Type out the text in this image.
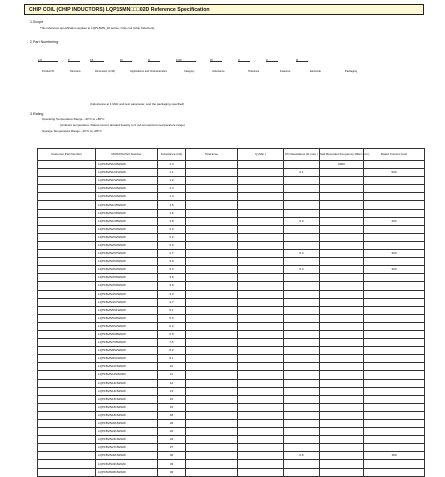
CHIP COIL (CHIP INDUCTORS) LQP15MN□□□02D Reference Specification
1.Scope
This reference specification applies to LQP15MN_02 series, Chip coil (Chip Inductors).
2.Part Numbering
LQ	P	15	M	N	1N0	W	0	2	D
Product ID	Structure	Dimension (L×W)	Applications and Characteristics	Category	Inductance	Tolerance	Features	Electrode	Packaging
(Inductance at 1 MHz and test parameter, and the packaging specified)
3.Rating
Operating Temperature Range. -40°C to +85°C
(Ambient temperature; Rated current derated linearly to 0 mA at maximum temperature range)
Storage Temperature Range. -40°C to +85°C
Customer Part Number	MURATA Part Number	Inductance (nH)	Tolerance	Q (Min.)	DC Resistance (Ω max.)	Self Resonant Frequency (MHz min.)	Rated Current (mA)
	LQP15MN1N0W02D	1.0				6000	
	LQP15MN1N1W02D	1.1			0.1		500
	LQP15MN1N2W02D	1.2					
	LQP15MN1N3W02D	1.3					
	LQP15MN1N4W02D	1.4					
	LQP15MN1N5W02D	1.5					
	LQP15MN1N6W02D	1.6					
	LQP15MN1N8W02D	1.8			0.2		400
	LQP15MN2N0W02D	2.0					
	LQP15MN2N2W02D	2.2					
	LQP15MN2N4W02D	2.4					
	LQP15MN2N7W02D	2.7			0.3		300
	LQP15MN3N0W02D	3.0					
	LQP15MN3N3W02D	3.3			0.3		300
	LQP15MN3N6W02D	3.6					
	LQP15MN3N9W02D	3.9					
	LQP15MN4N3W02D	4.3					
	LQP15MN4N7W02D	4.7					
	LQP15MN5N1W02D	5.1					
	LQP15MN5N6W02D	5.6					
	LQP15MN6N2W02D	6.2					
	LQP15MN6N8W02D	6.8					
	LQP15MN7N5W02D	7.5					
	LQP15MN8N2W02D	8.2					
	LQP15MN9N1W02D	9.1					
	LQP15MN10NW02D	10					
	LQP15MN11NW02D	11					
	LQP15MN12NW02D	12					
	LQP15MN13NW02D	13					
	LQP15MN15NW02D	15					
	LQP15MN16NW02D	16					
	LQP15MN18NW02D	18					
	LQP15MN20NW02D	20					
	LQP15MN22NW02D	22					
	LQP15MN24NW02D	24					
	LQP15MN27NW02D	27					
	LQP15MN30NW02D	30			0.6		180
	LQP15MN33NW02D	33					
	LQP15MN36NW02D	36					
